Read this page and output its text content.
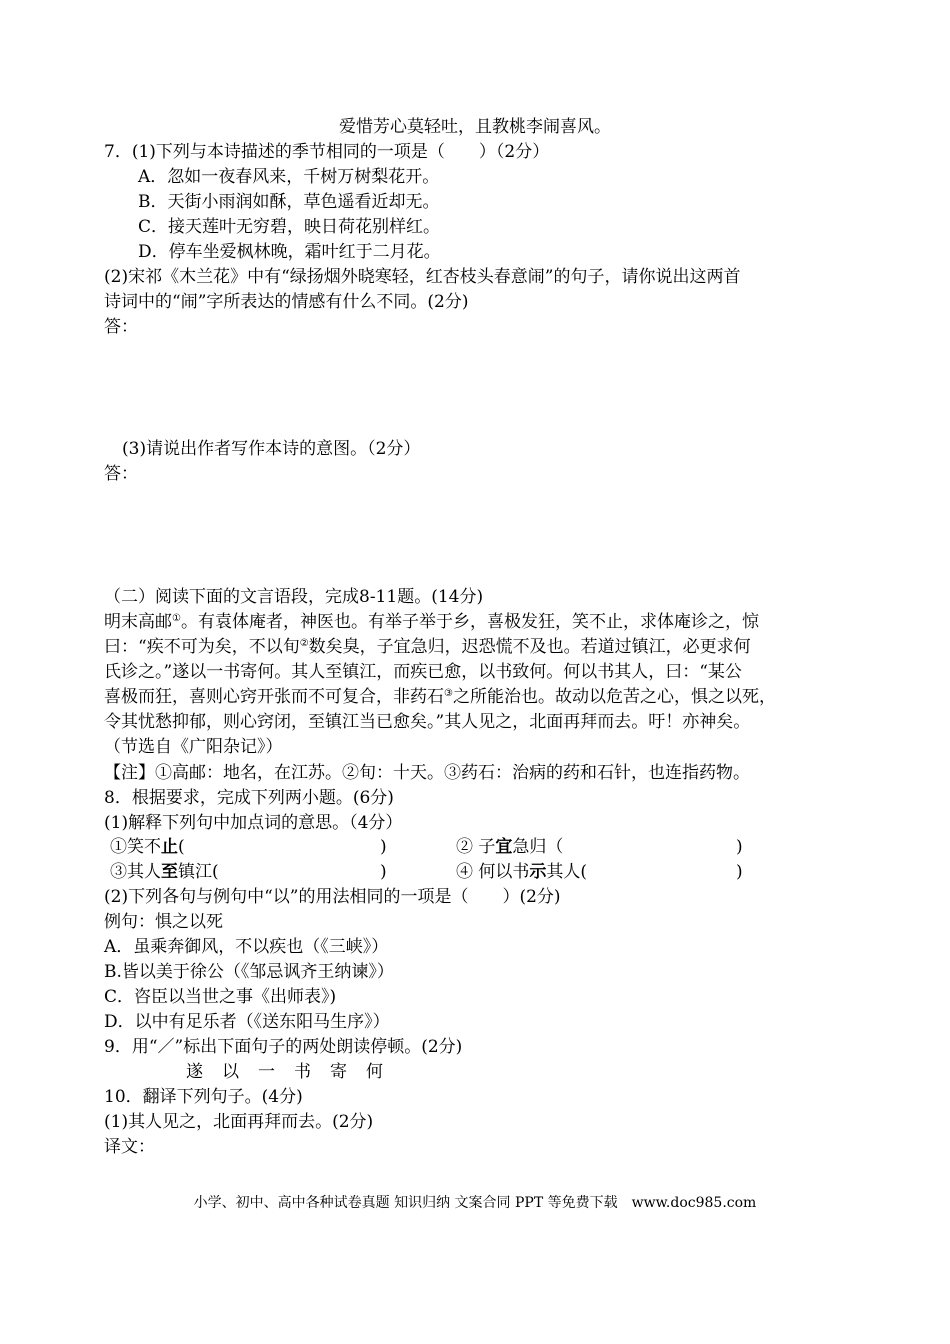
爱惜芳心莫轻吐，且教桃李闹喜风。
7．(1)下列与本诗描述的季节相同的一项是（　　）（2分）
A．忽如一夜春风来，千树万树梨花开。
B．天街小雨润如酥，草色遥看近却无。
C．接天莲叶无穷碧，映日荷花别样红。
D．停车坐爱枫林晚，霜叶红于二月花。
(2)宋祁《木兰花》中有“绿扬烟外晓寒轻，红杏枝头春意闹”的句子，请你说出这两首
诗词中的“闹”字所表达的情感有什么不同。(2分)
答：
(3)请说出作者写作本诗的意图。（2分）
答：
（二）阅读下面的文言语段，完成8-11题。(14分)
明末高邮①。有袁体庵者，神医也。有举子举于乡，喜极发狂，笑不止，求体庵诊之，惊
曰：“疾不可为矣，不以旬②数矣臭，子宜急归，迟恐慌不及也。若道过镇江，必更求何
氏诊之。”遂以一书寄何。其人至镇江，而疾已愈，以书致何。何以书其人，曰：“某公
喜极而狂，喜则心窍开张而不可复合，非药石③之所能治也。故动以危苦之心，惧之以死，
令其忧愁抑郁，则心窍闭，至镇江当已愈矣。”其人见之，北面再拜而去。吁！亦神矣。
（节选自《广阳杂记》）
【注】①高邮：地名，在江苏。②旬：十天。③药石：治病的药和石针，也连指药物。
8．根据要求，完成下列两小题。(6分)
(1)解释下列句中加点词的意思。（4分）
①笑不止(	)	② 子宜急归（	)
③其人至镇江(	)	④ 何以书示其人(	)
(2)下列各句与例句中“以”的用法相同的一项是（　　）(2分)
例句：惧之以死
A．虽乘奔御风，不以疾也（《三峡》）
B.皆以美于徐公（《邹忌讽齐王纳谏》）
C．咨臣以当世之事《出师表》)
D．以中有足乐者（《送东阳马生序》）
9．用“／”标出下面句子的两处朗读停顿。(2分)
遂 以 一 书 寄 何
10．翻译下列句子。(4分)
(1)其人见之，北面再拜而去。(2分)
译文：
小学、初中、高中各种试卷真题 知识归纳 文案合同 PPT 等免费下载　www.doc985.com
